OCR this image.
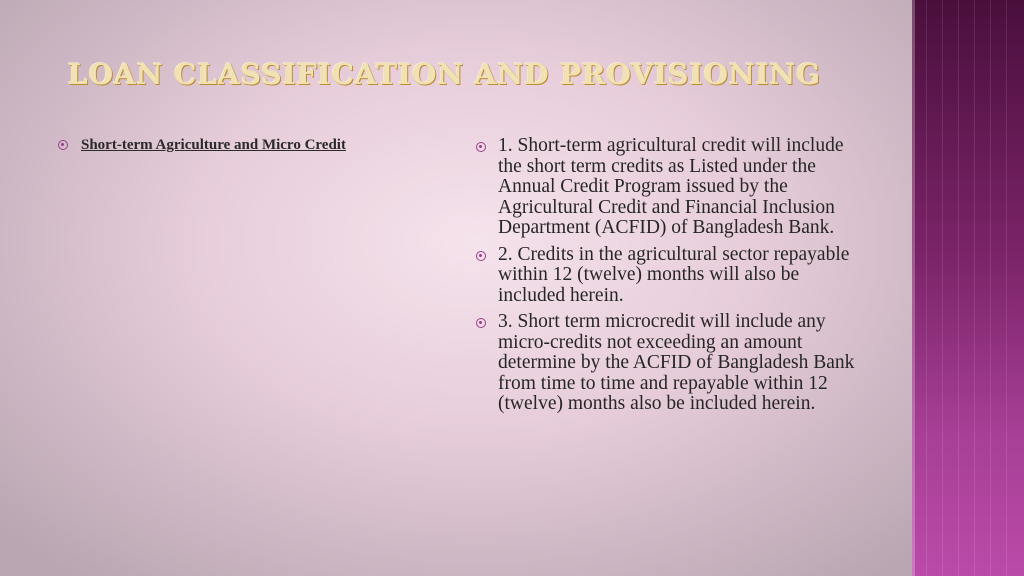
LOAN CLASSIFICATION AND PROVISIONING
Short-term Agriculture and Micro Credit	1. Short-term agricultural credit will include the short term credits as Listed under the Annual Credit Program issued by the Agricultural Credit and Financial Inclusion Department (ACFID) of Bangladesh Bank.
2. Credits in the agricultural sector repayable within 12 (twelve) months will also be included herein.
3. Short term microcredit will include any micro-credits not exceeding an amount determine by the ACFID of Bangladesh Bank from time to time and repayable within 12 (twelve) months also be included herein.
